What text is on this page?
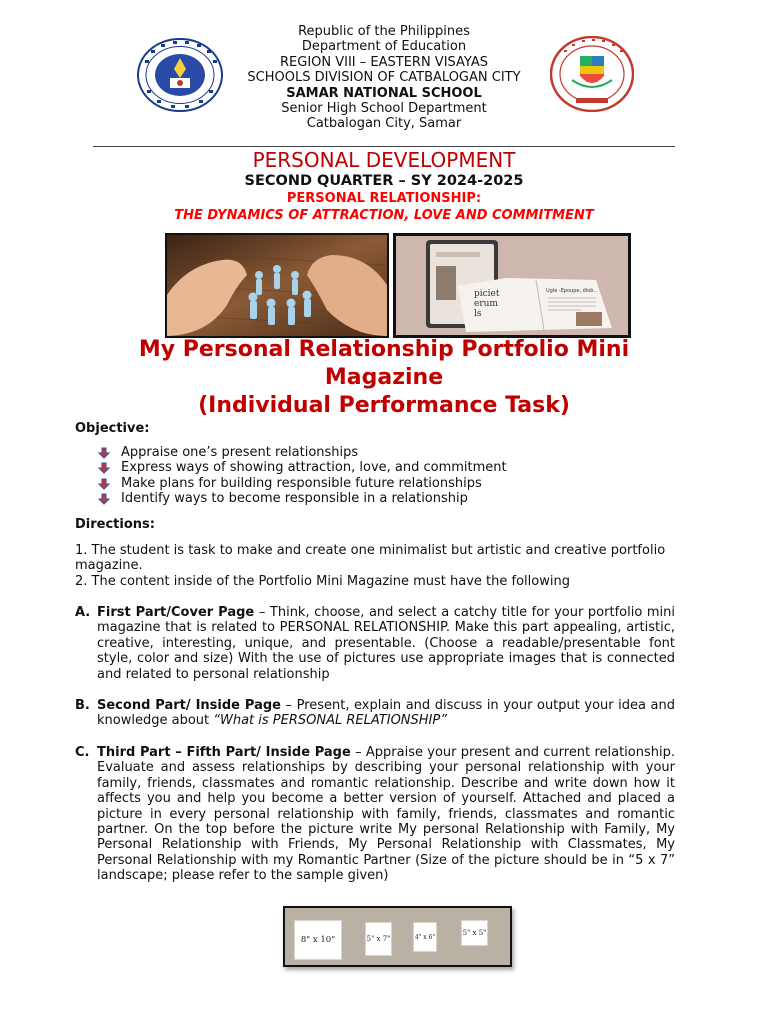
Republic of the Philippines
Department of Education
REGION VIII – EASTERN VISAYAS
SCHOOLS DIVISION OF CATBALOGAN CITY
SAMAR NATIONAL SCHOOL
Senior High School Department
Catbalogan City, Samar
PERSONAL DEVELOPMENT
SECOND QUARTER – SY 2024-2025
PERSONAL RELATIONSHIP:
THE DYNAMICS OF ATTRACTION, LOVE AND COMMITMENT
piciet
erum
ls
Ugle -Epoupe, dlob..
My Personal Relationship Portfolio Mini
Magazine
(Individual Performance Task)
Objective:
Appraise one’s present relationships
Express ways of showing attraction, love, and commitment
Make plans for building responsible future relationships
Identify ways to become responsible in a relationship
Directions:
1. The student is task to make and create one minimalist but artistic and creative portfolio magazine.
2. The content inside of the Portfolio Mini Magazine must have the following
A. First Part/Cover Page – Think, choose, and select a catchy title for your portfolio mini magazine that is related to PERSONAL RELATIONSHIP. Make this part appealing, artistic, creative, interesting, unique, and presentable. (Choose a readable/presentable font style, color and size) With the use of pictures use appropriate images that is connected and related to personal relationship
B. Second Part/ Inside Page – Present, explain and discuss in your output your idea and knowledge about “What is PERSONAL RELATIONSHIP”
C. Third Part – Fifth Part/ Inside Page – Appraise your present and current relationship. Evaluate and assess relationships by describing your personal relationship with your family, friends, classmates and romantic relationship. Describe and write down how it affects you and help you become a better version of yourself. Attached and placed a picture in every personal relationship with family, friends, classmates and romantic partner. On the top before the picture write My personal Relationship with Family, My Personal Relationship with Friends, My Personal Relationship with Classmates, My Personal Relationship with my Romantic Partner (Size of the picture should be in “5 x 7” landscape; please refer to the sample given)
8" x 10"	5" x 7"	4" x 6"	5" x 5"
